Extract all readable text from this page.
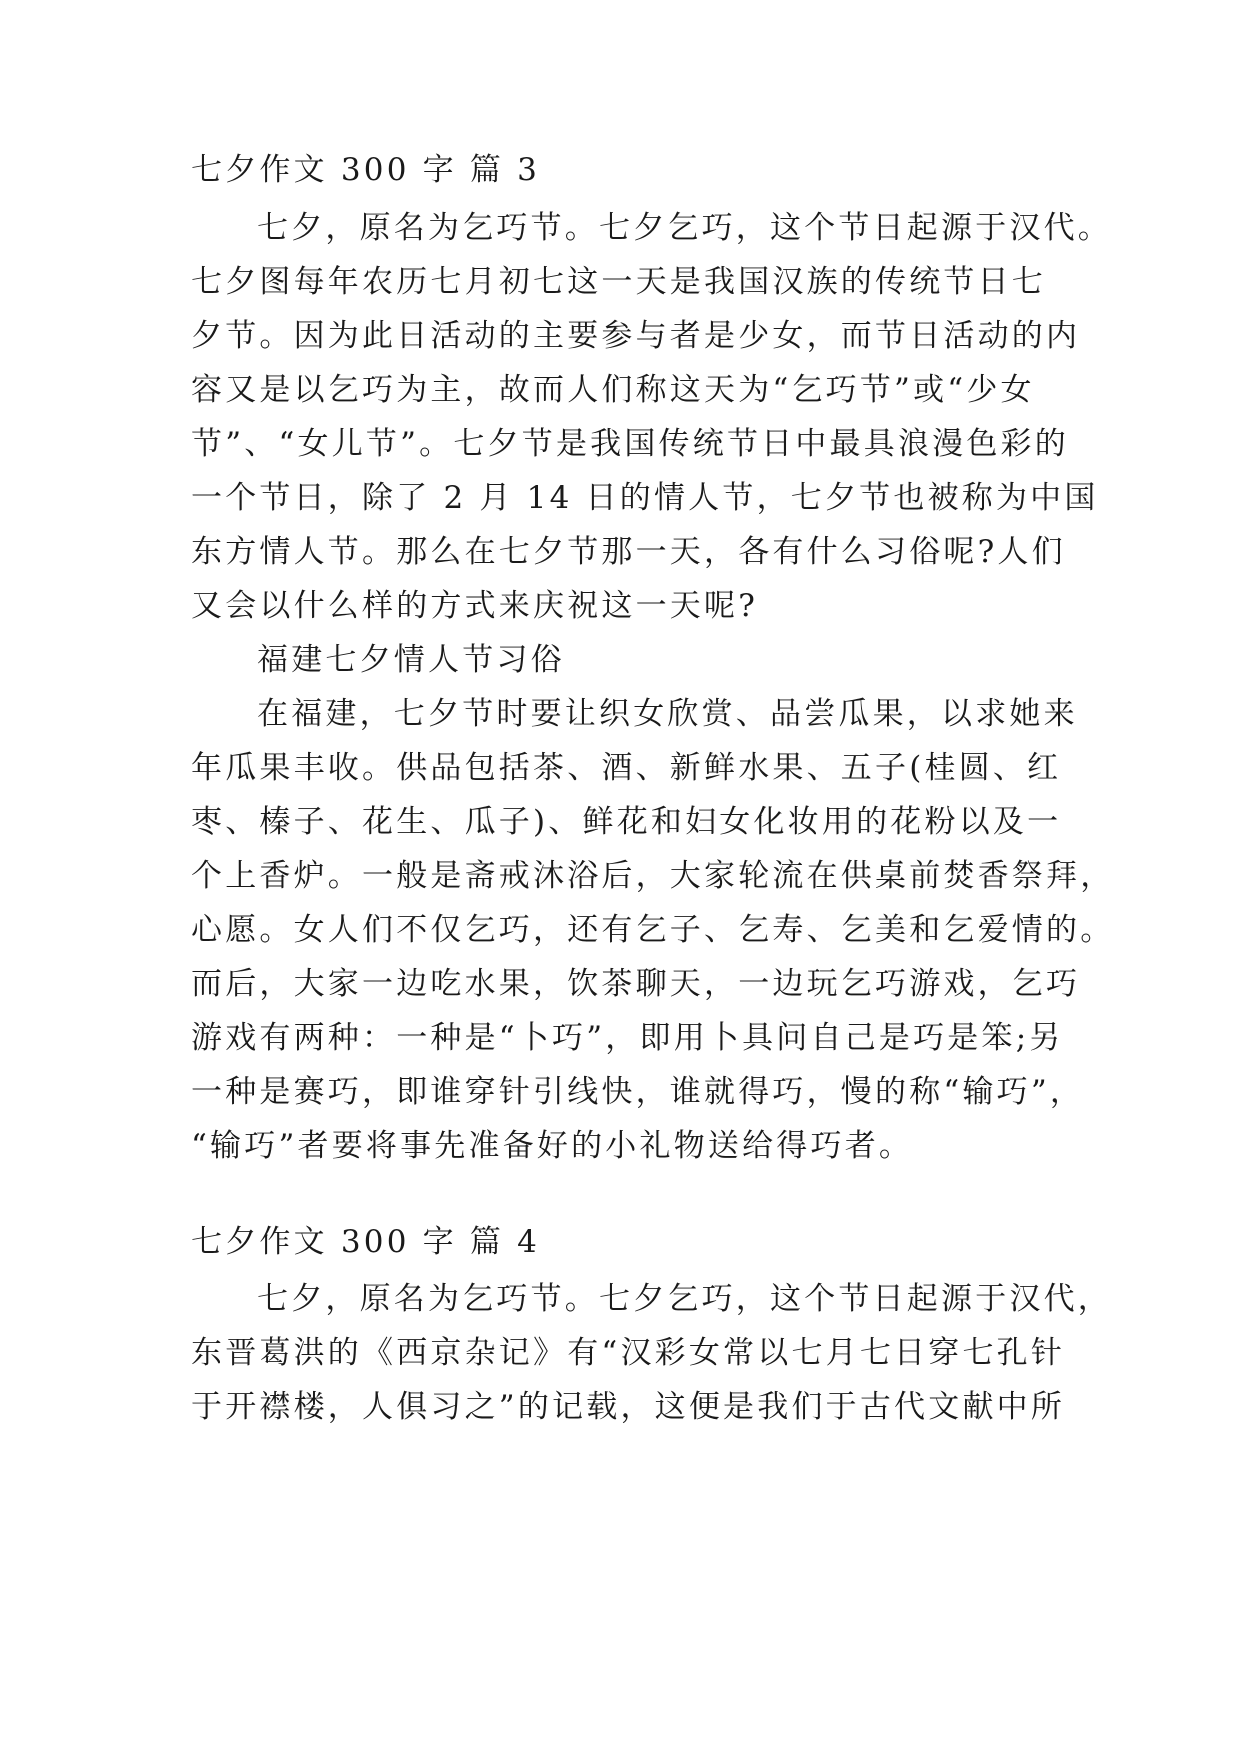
七夕作文 300 字 篇 3
七夕，原名为乞巧节。七夕乞巧，这个节日起源于汉代。
七夕图每年农历七月初七这一天是我国汉族的传统节日七
夕节。因为此日活动的主要参与者是少女，而节日活动的内
容又是以乞巧为主，故而人们称这天为“乞巧节”或“少女
节”、“女儿节”。七夕节是我国传统节日中最具浪漫色彩的
一个节日，除了 2 月 14 日的情人节，七夕节也被称为中国
东方情人节。那么在七夕节那一天，各有什么习俗呢?人们
又会以什么样的方式来庆祝这一天呢?
福建七夕情人节习俗
在福建，七夕节时要让织女欣赏、品尝瓜果，以求她来
年瓜果丰收。供品包括茶、酒、新鲜水果、五子(桂圆、红
枣、榛子、花生、瓜子)、鲜花和妇女化妆用的花粉以及一
个上香炉。一般是斋戒沐浴后，大家轮流在供桌前焚香祭拜，
心愿。女人们不仅乞巧，还有乞子、乞寿、乞美和乞爱情的。
而后，大家一边吃水果，饮茶聊天，一边玩乞巧游戏，乞巧
游戏有两种：一种是“卜巧”，即用卜具问自己是巧是笨;另
一种是赛巧，即谁穿针引线快，谁就得巧，慢的称“输巧”，
“输巧”者要将事先准备好的小礼物送给得巧者。
七夕作文 300 字 篇 4
七夕，原名为乞巧节。七夕乞巧，这个节日起源于汉代，
东晋葛洪的《西京杂记》有“汉彩女常以七月七日穿七孔针
于开襟楼，人俱习之”的记载，这便是我们于古代文献中所
